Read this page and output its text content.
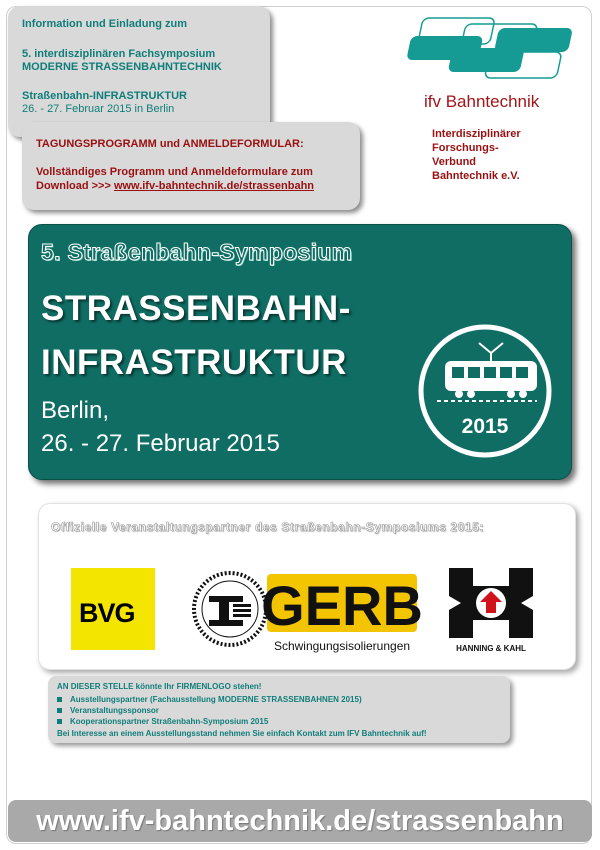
Information und Einladung zum
5. interdisziplinären Fachsymposium
MODERNE STRASSENBAHNTECHNIK
Straßenbahn-INFRASTRUKTUR
26. - 27. Februar 2015 in Berlin
TAGUNGSPROGRAMM und ANMELDEFORMULAR:
Vollständiges Programm und Anmeldeformulare zum
Download >>> www.ifv-bahntechnik.de/strassenbahn
ifv Bahntechnik
Interdisziplinärer
Forschungs-
Verbund
Bahntechnik e.V.
5. Straßenbahn-Symposium
STRASSENBAHN-
INFRASTRUKTUR
Berlin,
26. - 27. Februar 2015
2015
Offizielle Veranstaltungspartner des Straßenbahn-Symposiums 2015:
BVG GERB
Schwingungsisolierungen	HANNING & KAHL
AN DIESER STELLE könnte Ihr FIRMENLOGO stehen!
Ausstellungspartner (Fachausstellung MODERNE STRASSENBAHNEN 2015)
Veranstaltungssponsor
Kooperationspartner Straßenbahn-Symposium 2015
Bei Interesse an einem Ausstellungsstand nehmen Sie einfach Kontakt zum IFV Bahntechnik auf!
www.ifv-bahntechnik.de/strassenbahn
